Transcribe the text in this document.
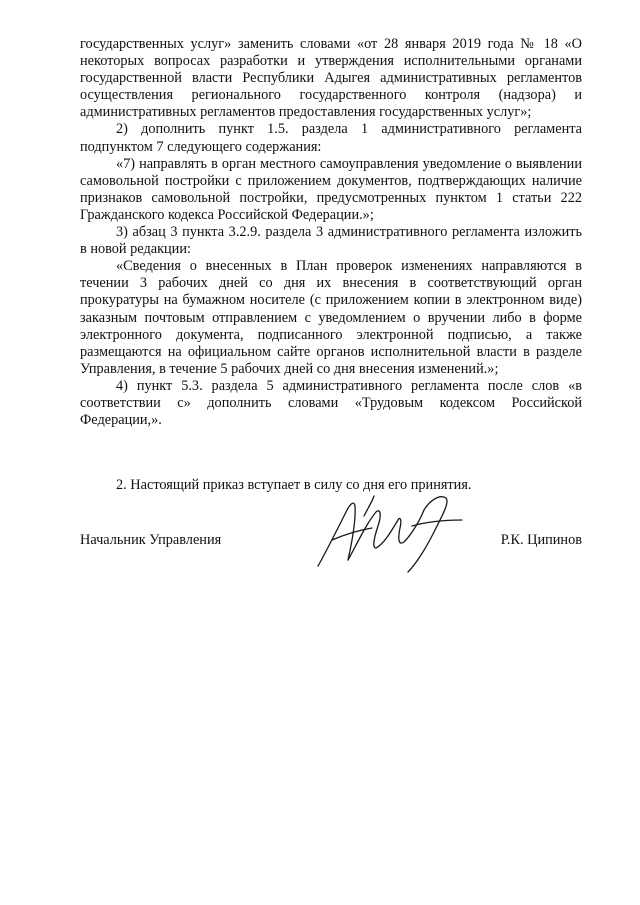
государственных услуг» заменить словами «от 28 января 2019 года № 18 «О некоторых вопросах разработки и утверждения исполнительными органами государственной власти Республики Адыгея административных регламентов осуществления регионального государственного контроля (надзора) и административных регламентов предоставления государственных услуг»;

2) дополнить пункт 1.5. раздела 1 административного регламента подпунктом 7 следующего содержания:

«7) направлять в орган местного самоуправления уведомление о выявлении самовольной постройки с приложением документов, подтверждающих наличие признаков самовольной постройки, предусмотренных пунктом 1 статьи 222 Гражданского кодекса Российской Федерации.»;

3) абзац 3 пункта 3.2.9. раздела 3 административного регламента изложить в новой редакции:

«Сведения о внесенных в План проверок изменениях направляются в течении 3 рабочих дней со дня их внесения в соответствующий орган прокуратуры на бумажном носителе (с приложением копии в электронном виде) заказным почтовым отправлением с уведомлением о вручении либо в форме электронного документа, подписанного электронной подписью, а также размещаются на официальном сайте органов исполнительной власти в разделе Управления, в течение 5 рабочих дней со дня внесения изменений.»;

4) пункт 5.3. раздела 5 административного регламента после слов «в соответствии с» дополнить словами «Трудовым кодексом Российской Федерации,».

2. Настоящий приказ вступает в силу со дня его принятия.

Начальник Управления	Р.К. Ципинов
